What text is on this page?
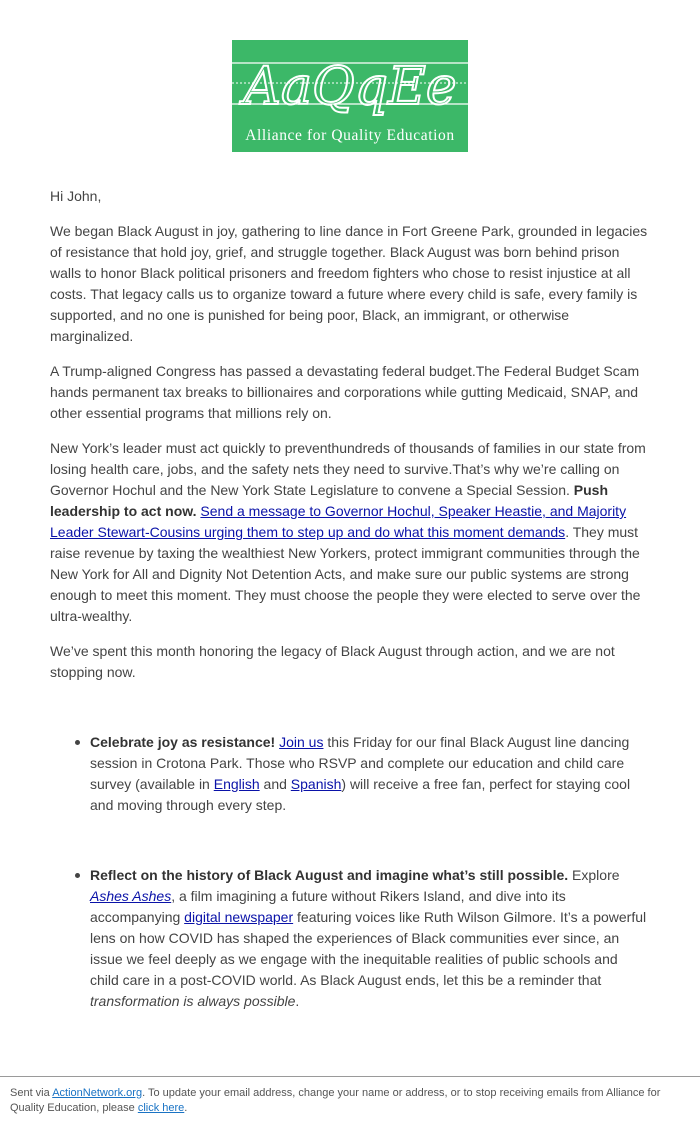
AaQqEe
Alliance for Quality Education

Hi John,

We began Black August in joy, gathering to line dance in Fort Greene Park, grounded in legacies of resistance that hold joy, grief, and struggle together. Black August was born behind prison walls to honor Black political prisoners and freedom fighters who chose to resist injustice at all costs. That legacy calls us to organize toward a future where every child is safe, every family is supported, and no one is punished for being poor, Black, an immigrant, or otherwise marginalized.

A Trump-aligned Congress has passed a devastating federal budget.The Federal Budget Scam hands permanent tax breaks to billionaires and corporations while gutting Medicaid, SNAP, and other essential programs that millions rely on.

New York’s leader must act quickly to preventhundreds of thousands of families in our state from losing health care, jobs, and the safety nets they need to survive.That’s why we’re calling on Governor Hochul and the New York State Legislature to convene a Special Session. Push leadership to act now. Send a message to Governor Hochul, Speaker Heastie, and Majority Leader Stewart-Cousins urging them to step up and do what this moment demands. They must raise revenue by taxing the wealthiest New Yorkers, protect immigrant communities through the New York for All and Dignity Not Detention Acts, and make sure our public systems are strong enough to meet this moment. They must choose the people they were elected to serve over the ultra-wealthy.

We’ve spent this month honoring the legacy of Black August through action, and we are not stopping now.

Celebrate joy as resistance! Join us this Friday for our final Black August line dancing session in Crotona Park. Those who RSVP and complete our education and child care survey (available in English and Spanish) will receive a free fan, perfect for staying cool and moving through every step.
Reflect on the history of Black August and imagine what’s still possible. Explore Ashes Ashes, a film imagining a future without Rikers Island, and dive into its accompanying digital newspaper featuring voices like Ruth Wilson Gilmore. It’s a powerful lens on how COVID has shaped the experiences of Black communities ever since, an issue we feel deeply as we engage with the inequitable realities of public schools and child care in a post-COVID world. As Black August ends, let this be a reminder that transformation is always possible.
Sent via ActionNetwork.org. To update your email address, change your name or address, or to stop receiving emails from Alliance for Quality Education, please click here.
